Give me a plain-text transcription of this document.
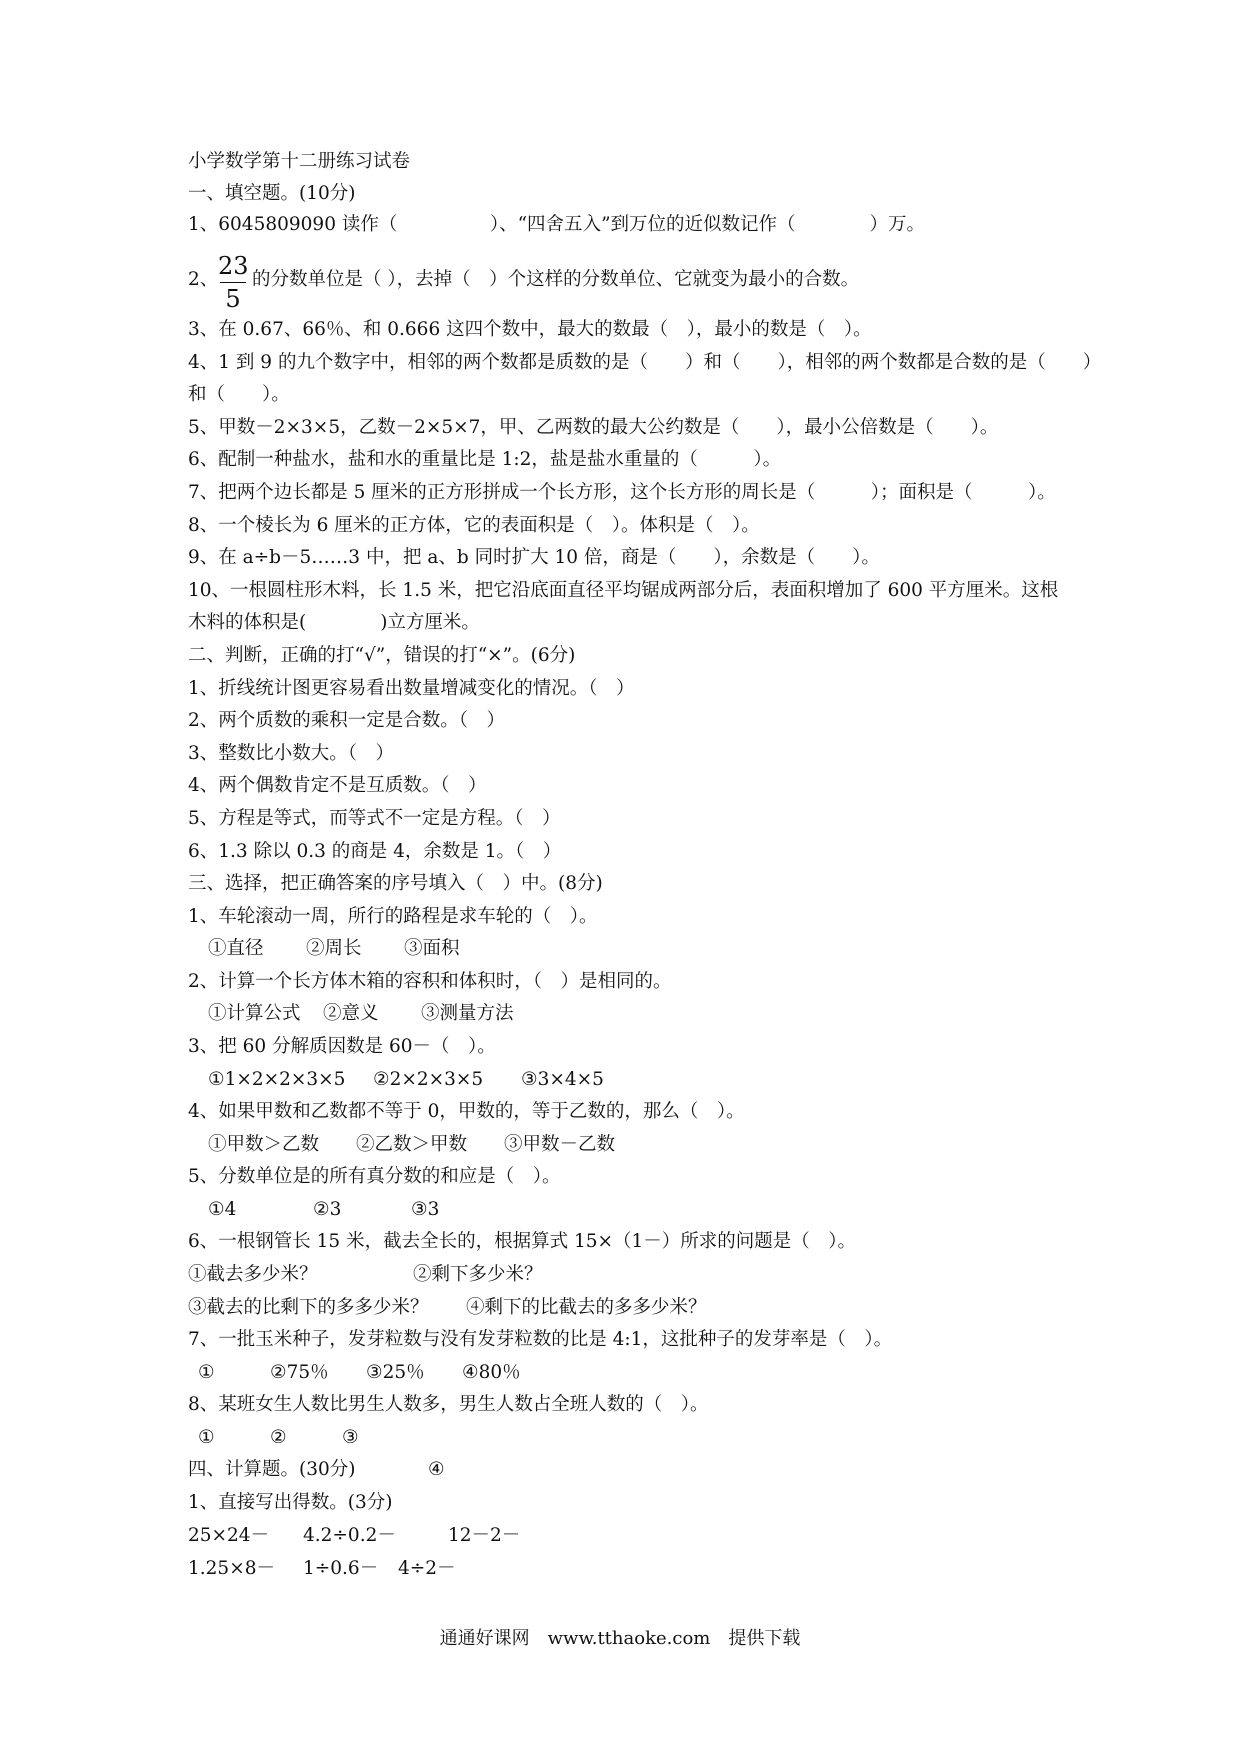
小学数学第十二册练习试卷
一、填空题。(10分)
1、6045809090 读作（　　　　　）、“四舍五入”到万位的近似数记作（　　　　）万。
2、 23
5
的分数单位是（ ），去掉（　）个这样的分数单位、它就变为最小的合数。
3、在 0.67、66％、和 0.666 这四个数中，最大的数最（　），最小的数是（　）。
4、1 到 9 的九个数字中，相邻的两个数都是质数的是（　　）和（　　），相邻的两个数都是合数的是（　　）
和（　　）。
5、甲数－2×3×5，乙数－2×5×7，甲、乙两数的最大公约数是（　　），最小公倍数是（　　）。
6、配制一种盐水，盐和水的重量比是 1:2，盐是盐水重量的（　　　）。
7、把两个边长都是 5 厘米的正方形拼成一个长方形，这个长方形的周长是（　　　）；面积是（　　　）。
8、一个棱长为 6 厘米的正方体，它的表面积是（　）。体积是（　）。
9、在 a÷b－5……3 中，把 a、b 同时扩大 10 倍，商是（　　），余数是（　　）。
10、一根圆柱形木料，长 1.5 米，把它沿底面直径平均锯成两部分后，表面积增加了 600 平方厘米。这根
木料的体积是(　　　　)立方厘米。
二、判断，正确的打“√”，错误的打“×”。(6分)
1、折线统计图更容易看出数量增减变化的情况。（　）
2、两个质数的乘积一定是合数。（　）
3、整数比小数大。（　）
4、两个偶数肯定不是互质数。（　）
5、方程是等式，而等式不一定是方程。（　）
6、1.3 除以 0.3 的商是 4，余数是 1。（　）
三、选择，把正确答案的序号填入（　）中。(8分)
1、车轮滚动一周，所行的路程是求车轮的（　）。
①直径 ②周长 ③面积
2、计算一个长方体木箱的容积和体积时，（　）是相同的。
①计算公式 ②意义 ③测量方法
3、把 60 分解质因数是 60－（　）。
①1×2×2×3×5 ②2×2×3×5 ③3×4×5
4、如果甲数和乙数都不等于 0，甲数的，等于乙数的，那么（　）。
①甲数＞乙数 ②乙数＞甲数 ③甲数－乙数
5、分数单位是的所有真分数的和应是（　）。
①4	②3	③3
6、一根钢管长 15 米，截去全长的，根据算式 15×（1－）所求的问题是（　）。
①截去多少米？	②剩下多少米？
③截去的比剩下的多多少米？ ④剩下的比截去的多多少米？
7、一批玉米种子，发芽粒数与没有发芽粒数的比是 4:1，这批种子的发芽率是（　）。
①	②75％ ③25％ ④80％
8、某班女生人数比男生人数多，男生人数占全班人数的（　）。
①	②	③
四、计算题。(30分)	④
1、直接写出得数。(3分)
25×24－ 4.2÷0.2－	12－2－
1.25×8－ 1÷0.6－ 4÷2－
通通好课网　www.tthaoke.com　提供下载
